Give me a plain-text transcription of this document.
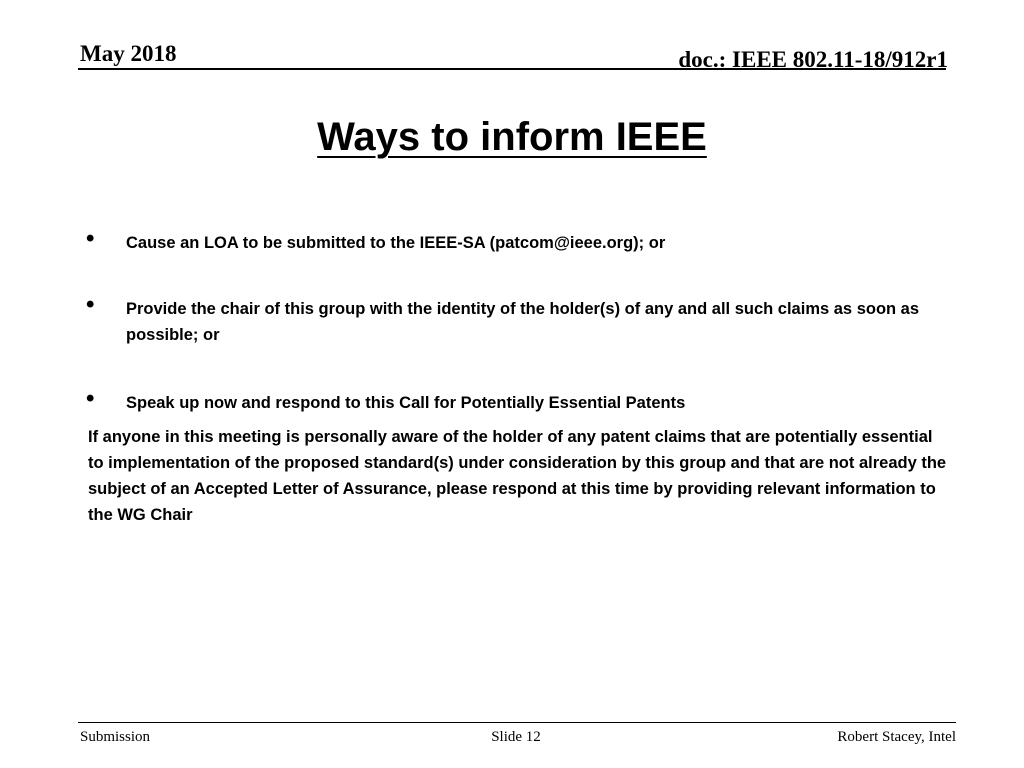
May 2018	doc.: IEEE 802.11-18/912r1
Ways to inform IEEE
• Cause an LOA to be submitted to the IEEE-SA (patcom@ieee.org); or
• Provide the chair of this group with the identity of the holder(s) of any and all such claims as soon as possible; or
• Speak up now and respond to this Call for Potentially Essential Patents
If anyone in this meeting is personally aware of the holder of any patent claims that are potentially essential to implementation of the proposed standard(s) under consideration by this group and that are not already the subject of an Accepted Letter of Assurance, please respond at this time by providing relevant information to the WG Chair
Submission	Slide 12	Robert Stacey, Intel
